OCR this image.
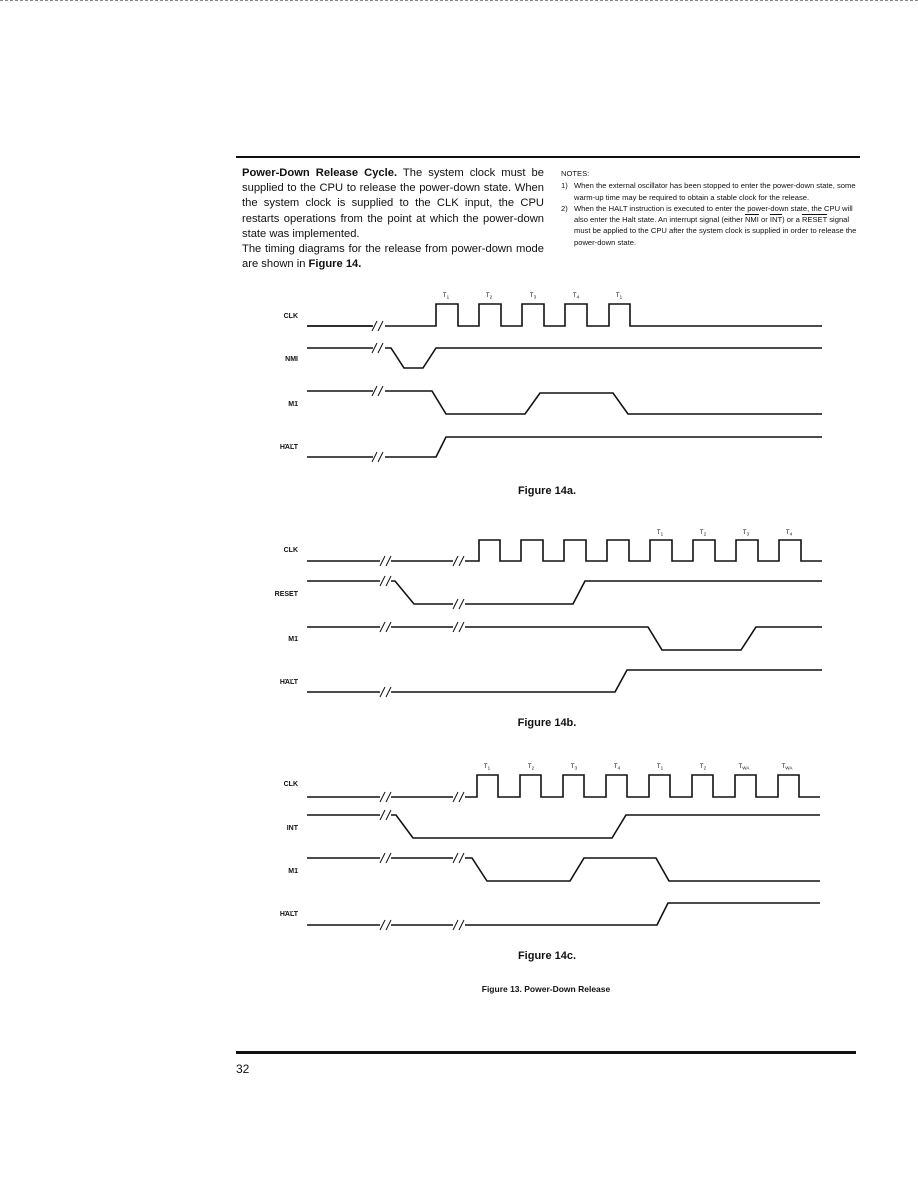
Power-Down Release Cycle. The system clock must be supplied to the CPU to release the power-down state. When the system clock is supplied to the CLK input, the CPU restarts operations from the point at which the power-down state was implemented.

The timing diagrams for the release from power-down mode are shown in Figure 14.

NOTES:
1) When the external oscillator has been stopped to enter the power-down state, some warm-up time may be required to obtain a stable clock for the release.
2) When the HALT instruction is executed to enter the power-down state, the CPU will also enter the Halt state. An interrupt signal (either $\overline{NMI}$ or $\overline{INT}$) or a RESET signal must be applied to the CPU after the system clock is supplied in order to release the power-down state.
CLK
NMI
M1
HALT
$T_1$	$T_2$	$T_3$	$T_4$	$T_1$
CLK
RESET
M1
HALT
$T_1$	$T_2$	$T_3$	$T_4$
CLK
INT
M1
HALT
$T_1$	$T_2$	$T_3$	$T_4$	$T_1$	$T_2$	$T_{WA}$	$T_{WA}$
Figure 14a.
Figure 14b.
Figure 14c.
Figure 13. Power-Down Release
32
